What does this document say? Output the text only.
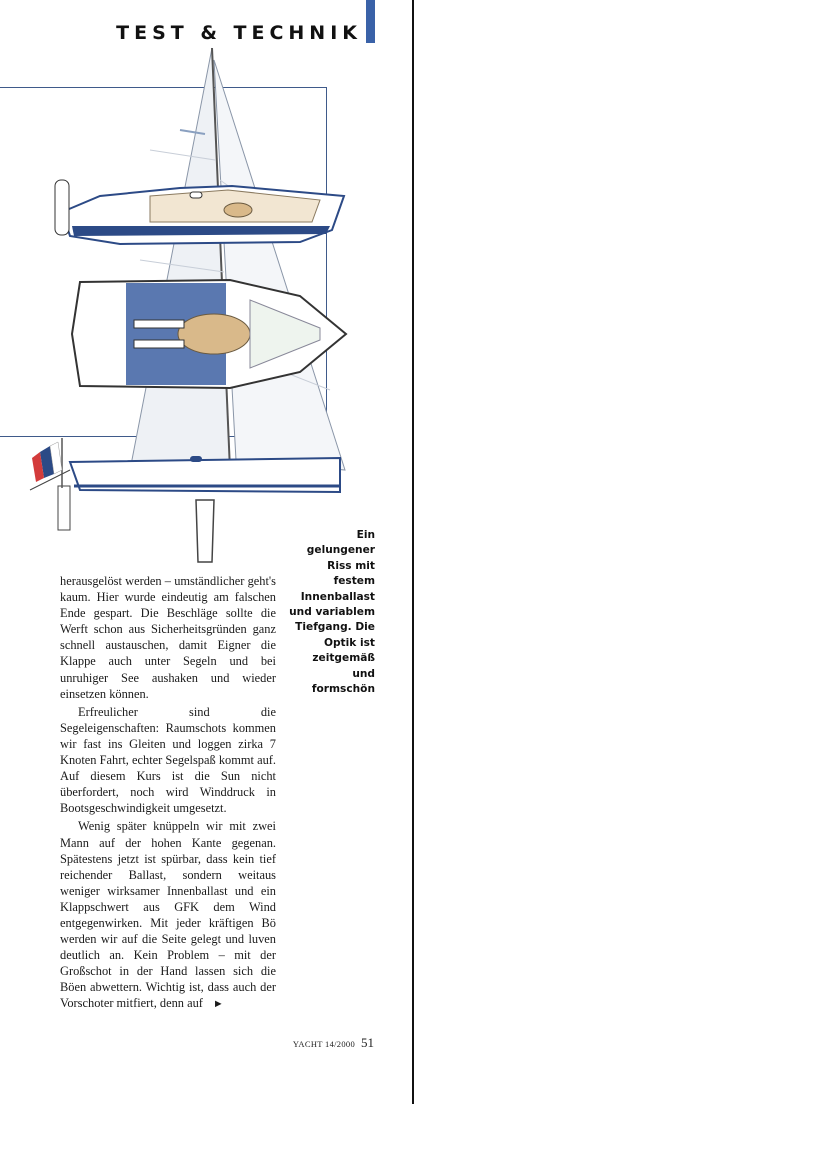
TEST & TECHNIK

herausgelöst werden – umständlicher geht's kaum. Hier wurde eindeutig am falschen Ende gespart. Die Beschläge sollte die Werft schon aus Sicherheitsgründen ganz schnell austauschen, damit Eigner die Klappe auch unter Segeln und bei unruhiger See aushaken und wieder einsetzen können.

Erfreulicher sind die Segeleigenschaften: Raumschots kommen wir fast ins Gleiten und loggen zirka 7 Knoten Fahrt, echter Segelspaß kommt auf. Auf diesem Kurs ist die Sun nicht überfordert, noch wird Winddruck in Bootsgeschwindigkeit umgesetzt.

Wenig später knüppeln wir mit zwei Mann auf der hohen Kante gegenan. Spätestens jetzt ist spürbar, dass kein tief reichender Ballast, sondern weitaus weniger wirksamer Innenballast und ein Klappschwert aus GFK dem Wind entgegenwirken. Mit jeder kräftigen Bö werden wir auf die Seite gelegt und luven deutlich an. Kein Problem – mit der Großschot in der Hand lassen sich die Böen abwettern. Wichtig ist, dass auch der Vorschoter mitfiert, denn auf ►

Ein gelungener Riss mit festem Innenballast und variablem Tiefgang. Die Optik ist zeitgemäß und formschön
YACHT 14/2000 51
